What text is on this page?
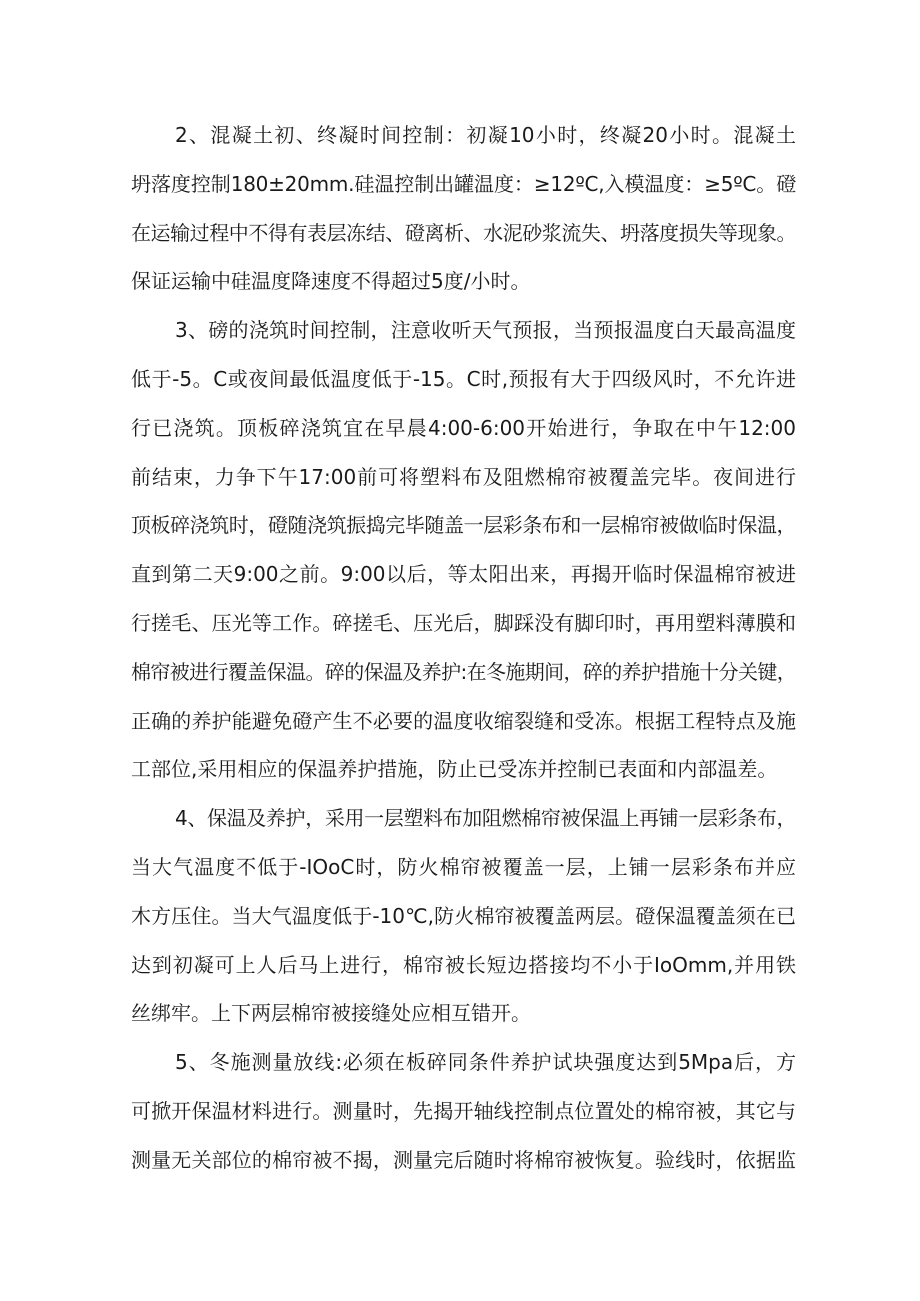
2、混凝土初、终凝时间控制：初凝10小时，终凝20小时。混凝土
坍落度控制180±20mm.硅温控制出罐温度：≥12ºC,入模温度：≥5ºC。磴
在运输过程中不得有表层冻结、磴离析、水泥砂浆流失、坍落度损失等现象。
保证运输中硅温度降速度不得超过5度/小时。
3、磅的浇筑时间控制，注意收听天气预报，当预报温度白天最高温度
低于-5。C或夜间最低温度低于-15。C时,预报有大于四级风时，不允许进
行已浇筑。顶板碎浇筑宜在早晨4:00-6:00开始进行，争取在中午12:00
前结束，力争下午17:00前可将塑料布及阻燃棉帘被覆盖完毕。夜间进行
顶板碎浇筑时，磴随浇筑振捣完毕随盖一层彩条布和一层棉帘被做临时保温，
直到第二天9:00之前。9:00以后，等太阳出来，再揭开临时保温棉帘被进
行搓毛、压光等工作。碎搓毛、压光后，脚踩没有脚印时，再用塑料薄膜和
棉帘被进行覆盖保温。碎的保温及养护:在冬施期间，碎的养护措施十分关键，
正确的养护能避免磴产生不必要的温度收缩裂缝和受冻。根据工程特点及施
工部位,采用相应的保温养护措施，防止已受冻并控制已表面和内部温差。
4、保温及养护，采用一层塑料布加阻燃棉帘被保温上再铺一层彩条布，
当大气温度不低于-IOoC时，防火棉帘被覆盖一层，上铺一层彩条布并应
木方压住。当大气温度低于-10℃,防火棉帘被覆盖两层。磴保温覆盖须在已
达到初凝可上人后马上进行，棉帘被长短边搭接均不小于IoOmm,并用铁
丝绑牢。上下两层棉帘被接缝处应相互错开。
5、冬施测量放线:必须在板碎同条件养护试块强度达到5Mpa后，方
可掀开保温材料进行。测量时，先揭开轴线控制点位置处的棉帘被，其它与
测量无关部位的棉帘被不揭，测量完后随时将棉帘被恢复。验线时，依据监
